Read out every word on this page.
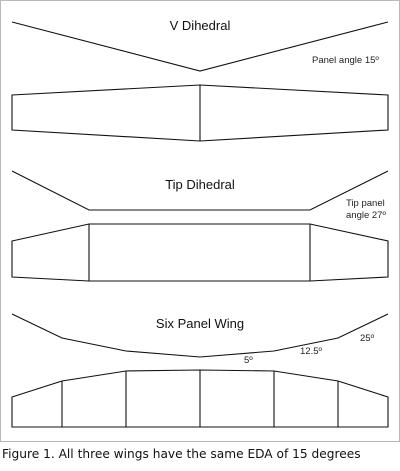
V Dihedral
Panel angle 15º
Tip Dihedral
Tip panel
angle 27º
Six Panel Wing
5º
12.5º
25º
Figure 1. All three wings have the same EDA of 15 degrees
